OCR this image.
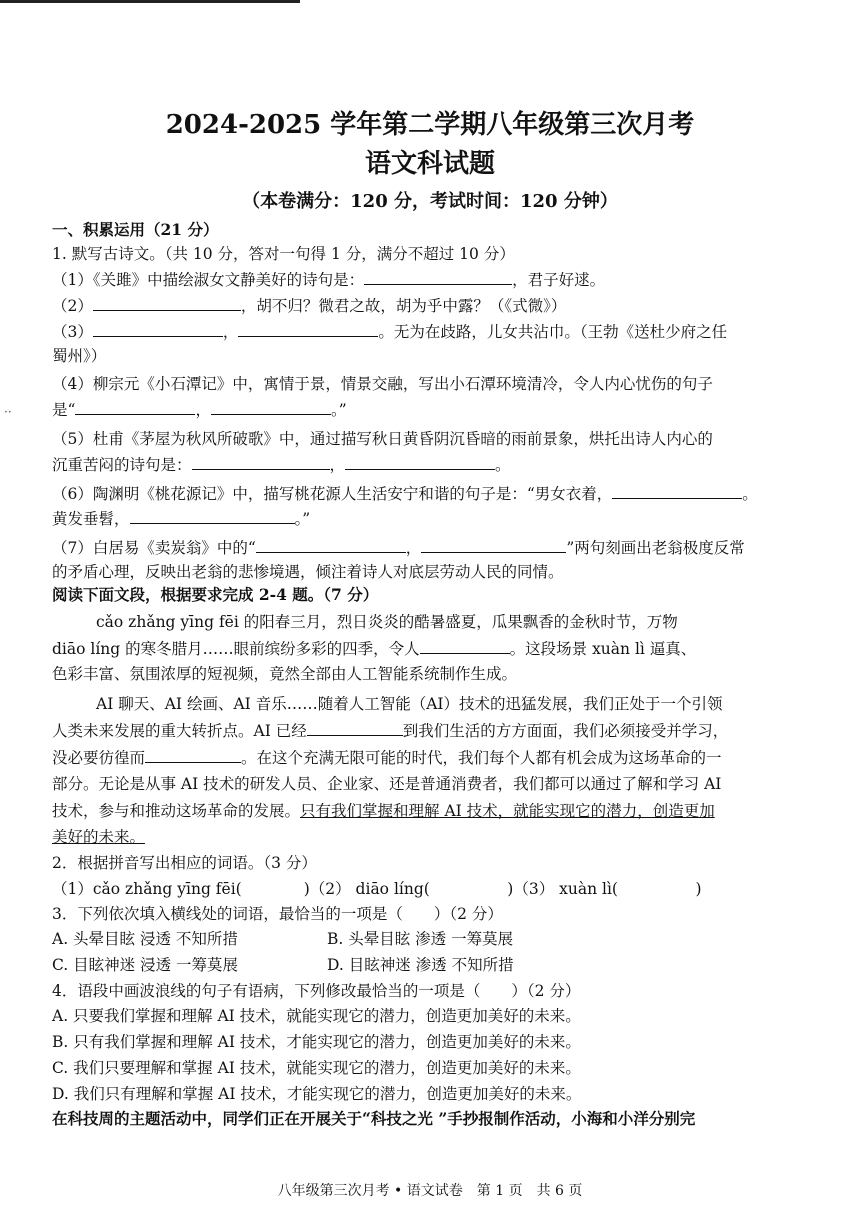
··
2024-2025 学年第二学期八年级第三次月考
语文科试题
（本卷满分：120 分，考试时间：120 分钟）
一、积累运用（21 分）
1. 默写古诗文。（共 10 分，答对一句得 1 分，满分不超过 10 分）
（1）《关雎》中描绘淑女文静美好的诗句是：	，君子好逑。
（2）	，胡不归？微君之故，胡为乎中露？（《式微》）
（3）	，	。无为在歧路，儿女共沾巾。（王勃《送杜少府之任
蜀州》）
（4）柳宗元《小石潭记》中，寓情于景，情景交融，写出小石潭环境清冷，令人内心忧伤的句子
是“	，	。”
（5）杜甫《茅屋为秋风所破歌》中，通过描写秋日黄昏阴沉昏暗的雨前景象，烘托出诗人内心的
沉重苦闷的诗句是：	，	。
（6）陶渊明《桃花源记》中，描写桃花源人生活安宁和谐的句子是：“男女衣着，	。
黄发垂髫，	。”
（7）白居易《卖炭翁》中的“	，	”两句刻画出老翁极度反常
的矛盾心理，反映出老翁的悲惨境遇，倾注着诗人对底层劳动人民的同情。
阅读下面文段，根据要求完成 2-4 题。（7 分）
cǎo zhǎng yīng fēi 的阳春三月，烈日炎炎的酷暑盛夏，瓜果飘香的金秋时节，万物
diāo líng 的寒冬腊月……眼前缤纷多彩的四季，令人	。这段场景 xuàn lì 逼真、
色彩丰富、氛围浓厚的短视频，竟然全部由人工智能系统制作生成。
AI 聊天、AI 绘画、AI 音乐……随着人工智能（AI）技术的迅猛发展，我们正处于一个引领
人类未来发展的重大转折点。AI 已经	到我们生活的方方面面，我们必须接受并学习，
没必要彷徨而	。在这个充满无限可能的时代，我们每个人都有机会成为这场革命的一
部分。无论是从事 AI 技术的研发人员、企业家、还是普通消费者，我们都可以通过了解和学习 AI
技术，参与和推动这场革命的发展。只有我们掌握和理解 AI 技术，就能实现它的潜力，创造更加
美好的未来。
2．根据拼音写出相应的词语。（3 分）
（1）cǎo zhǎng yīng fēi(　　　　)（2） diāo líng(　　　　　)（3） xuàn lì(　　　　　)
3．下列依次填入横线处的词语，最恰当的一项是（　　）（2 分）
A. 头晕目眩 浸透 不知所措	B. 头晕目眩 渗透 一筹莫展
C. 目眩神迷 浸透 一筹莫展	D. 目眩神迷 渗透 不知所措
4．语段中画波浪线的句子有语病，下列修改最恰当的一项是（　　）（2 分）
A. 只要我们掌握和理解 AI 技术，就能实现它的潜力，创造更加美好的未来。
B. 只有我们掌握和理解 AI 技术，才能实现它的潜力，创造更加美好的未来。
C. 我们只要理解和掌握 AI 技术，就能实现它的潜力，创造更加美好的未来。
D. 我们只有理解和掌握 AI 技术，才能实现它的潜力，创造更加美好的未来。
在科技周的主题活动中，同学们正在开展关于“科技之光 ”手抄报制作活动，小海和小洋分别完
八年级第三次月考 • 语文试卷　第 1 页　共 6 页
